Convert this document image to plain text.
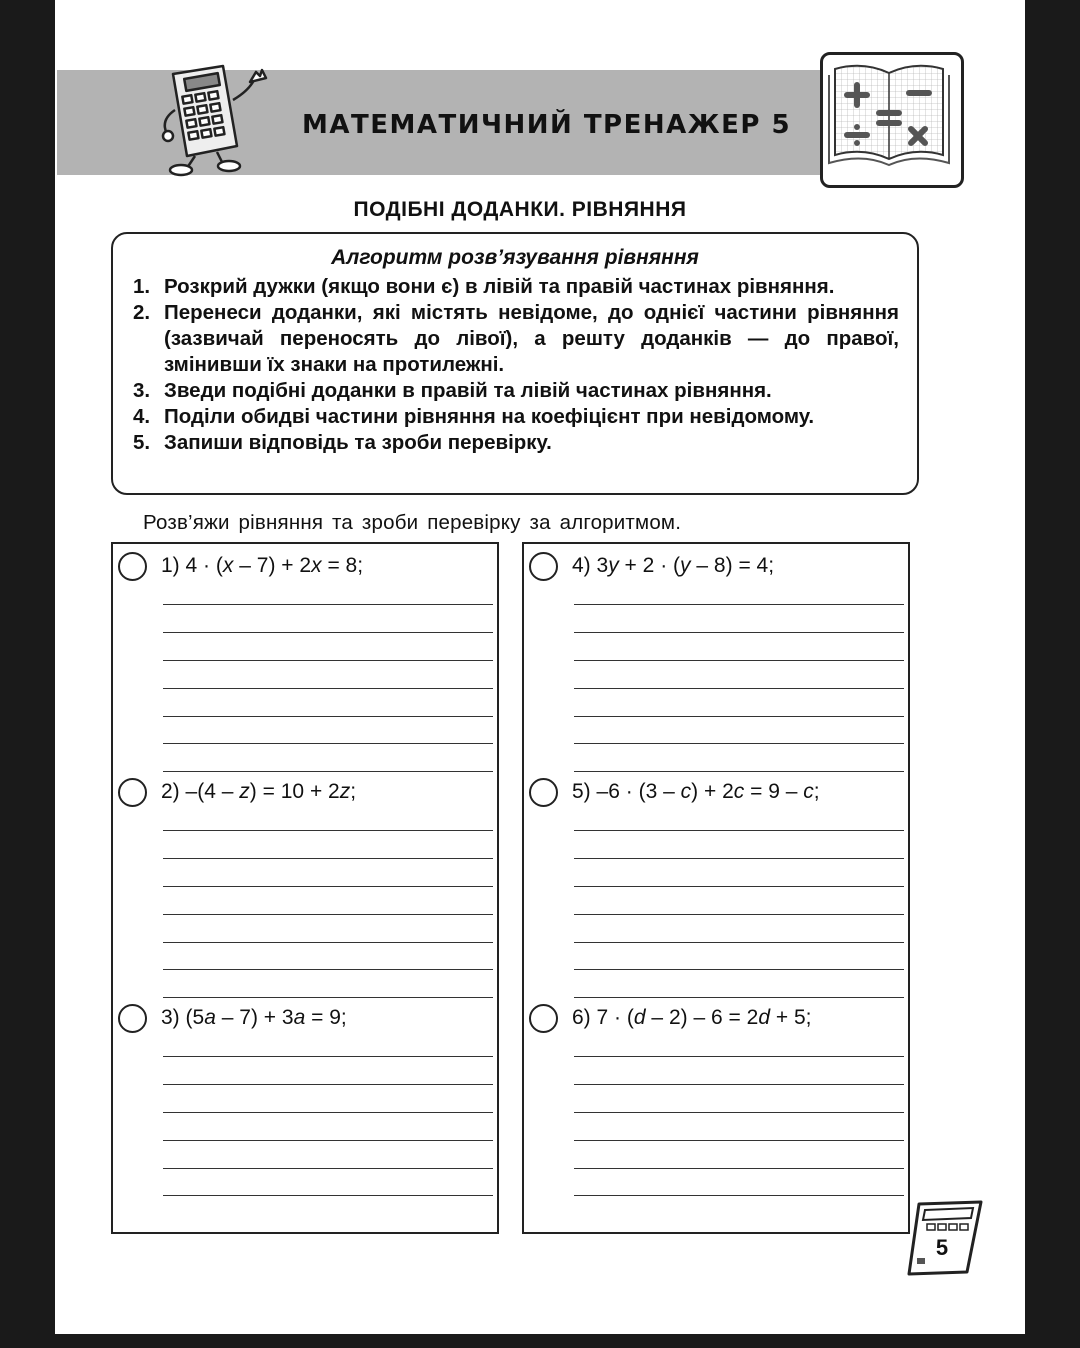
МАТЕМАТИЧНИЙ ТРЕНАЖЕР 5
ПОДІБНІ ДОДАНКИ. РІВНЯННЯ
Алгоритм розв’язування рівняння
1. Розкрий дужки (якщо вони є) в лівій та правій частинах рівняння.
2. Перенеси доданки, які містять невідоме, до однієї частини рівняння (зазвичай переносять до лівої), а решту доданків — до правої, змінивши їх знаки на протилежні.
3. Зведи подібні доданки в правій та лівій частинах рівняння.
4. Поділи обидві частини рівняння на коефіцієнт при невідомому.
5. Запиши відповідь та зроби перевірку.
Розв’яжи рівняння та зроби перевірку за алгоритмом.
1) 4 · (x – 7) + 2x = 8;
2) –(4 – z) = 10 + 2z;
3) (5a – 7) + 3a = 9;
4) 3y + 2 · (y – 8) = 4;
5) –6 · (3 – c) + 2c = 9 – c;
6) 7 · (d – 2) – 6 = 2d + 5;
5
